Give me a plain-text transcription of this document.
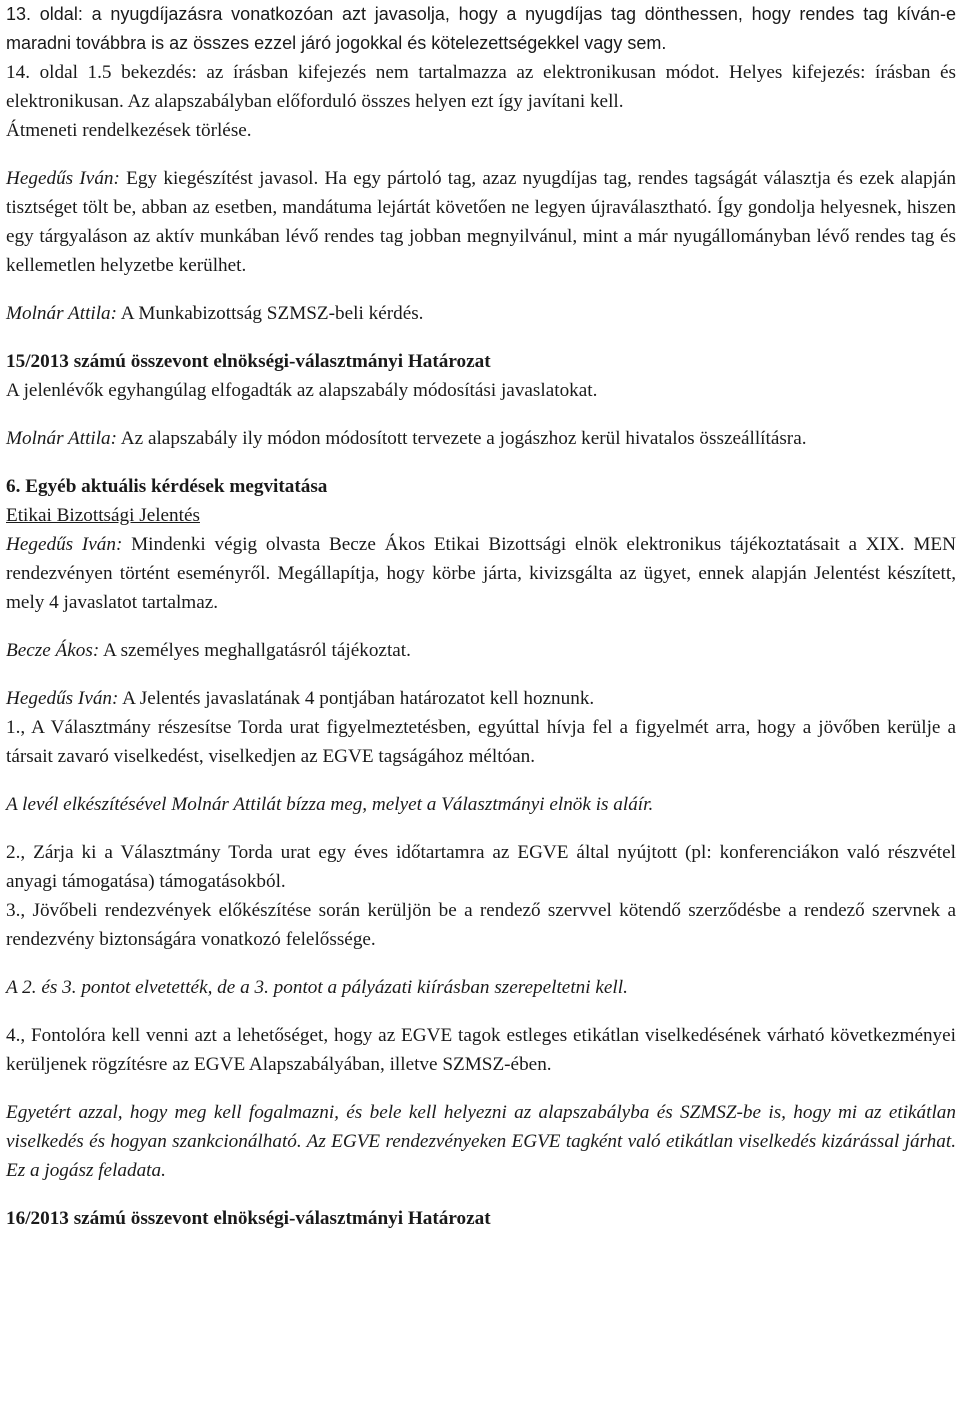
13. oldal: a nyugdíjazásra vonatkozóan azt javasolja, hogy a nyugdíjas tag dönthessen, hogy rendes tag kíván-e maradni továbbra is az összes ezzel járó jogokkal és kötelezettségekkel vagy sem.

14. oldal 1.5 bekezdés: az írásban kifejezés nem tartalmazza az elektronikusan módot. Helyes kifejezés: írásban és elektronikusan. Az alapszabályban előforduló összes helyen ezt így javítani kell.

Átmeneti rendelkezések törlése.

Hegedűs Iván: Egy kiegészítést javasol. Ha egy pártoló tag, azaz nyugdíjas tag, rendes tagságát választja és ezek alapján tisztséget tölt be, abban az esetben, mandátuma lejártát követően ne legyen újraválasztható. Így gondolja helyesnek, hiszen egy tárgyaláson az aktív munkában lévő rendes tag jobban megnyilvánul, mint a már nyugállományban lévő rendes tag és kellemetlen helyzetbe kerülhet.

Molnár Attila: A Munkabizottság SZMSZ-beli kérdés.

15/2013 számú összevont elnökségi-választmányi Határozat

A jelenlévők egyhangúlag elfogadták az alapszabály módosítási javaslatokat.

Molnár Attila: Az alapszabály ily módon módosított tervezete a jogászhoz kerül hivatalos összeállításra.

6. Egyéb aktuális kérdések megvitatása

Etikai Bizottsági Jelentés

Hegedűs Iván: Mindenki végig olvasta Becze Ákos Etikai Bizottsági elnök elektronikus tájékoztatásait a XIX. MEN rendezvényen történt eseményről. Megállapítja, hogy körbe járta, kivizsgálta az ügyet, ennek alapján Jelentést készített, mely 4 javaslatot tartalmaz.

Becze Ákos: A személyes meghallgatásról tájékoztat.

Hegedűs Iván: A Jelentés javaslatának 4 pontjában határozatot kell hoznunk.

1., A Választmány részesítse Torda urat figyelmeztetésben, egyúttal hívja fel a figyelmét arra, hogy a jövőben kerülje a társait zavaró viselkedést, viselkedjen az EGVE tagságához méltóan.

A levél elkészítésével Molnár Attilát bízza meg, melyet a Választmányi elnök is aláír.

2., Zárja ki a Választmány Torda urat egy éves időtartamra az EGVE által nyújtott (pl: konferenciákon való részvétel anyagi támogatása) támogatásokból.

3., Jövőbeli rendezvények előkészítése során kerüljön be a rendező szervvel kötendő szerződésbe a rendező szervnek a rendezvény biztonságára vonatkozó felelőssége.

A 2. és 3. pontot elvetették, de a 3. pontot a pályázati kiírásban szerepeltetni kell.

4., Fontolóra kell venni azt a lehetőséget, hogy az EGVE tagok estleges etikátlan viselkedésének várható következményei kerüljenek rögzítésre az EGVE Alapszabályában, illetve SZMSZ-ében.

Egyetért azzal, hogy meg kell fogalmazni, és bele kell helyezni az alapszabályba és SZMSZ-be is, hogy mi az etikátlan viselkedés és hogyan szankcionálható. Az EGVE rendezvényeken EGVE tagként való etikátlan viselkedés kizárással járhat. Ez a jogász feladata.

16/2013 számú összevont elnökségi-választmányi Határozat
